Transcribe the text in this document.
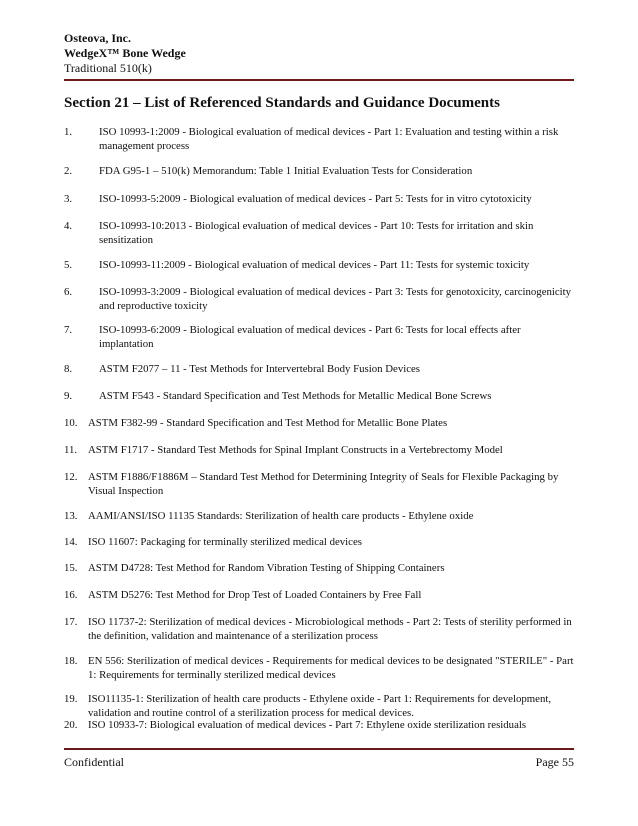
Osteova, Inc.
WedgeX™ Bone Wedge
Traditional 510(k)
Section 21 – List of Referenced Standards and Guidance Documents
1.	ISO 10993-1:2009 - Biological evaluation of medical devices - Part 1: Evaluation and testing within a risk management process
2.	FDA G95-1 – 510(k) Memorandum: Table 1 Initial Evaluation Tests for Consideration
3.	ISO-10993-5:2009 - Biological evaluation of medical devices - Part 5: Tests for in vitro cytotoxicity
4.	ISO-10993-10:2013 - Biological evaluation of medical devices - Part 10: Tests for irritation and skin sensitization
5.	ISO-10993-11:2009 - Biological evaluation of medical devices - Part 11: Tests for systemic toxicity
6.	ISO-10993-3:2009 - Biological evaluation of medical devices - Part 3: Tests for genotoxicity, carcinogenicity and reproductive toxicity
7.	ISO-10993-6:2009 - Biological evaluation of medical devices - Part 6: Tests for local effects after implantation
8.	ASTM F2077 – 11 - Test Methods for Intervertebral Body Fusion Devices
9.	ASTM F543 - Standard Specification and Test Methods for Metallic Medical Bone Screws
10. ASTM F382-99 - Standard Specification and Test Method for Metallic Bone Plates
11.	ASTM F1717 - Standard Test Methods for Spinal Implant Constructs in a Vertebrectomy Model
12. ASTM F1886/F1886M – Standard Test Method for Determining Integrity of Seals for Flexible Packaging by Visual Inspection
13. AAMI/ANSI/ISO 11135 Standards: Sterilization of health care products - Ethylene oxide
14. ISO 11607: Packaging for terminally sterilized medical devices
15. ASTM D4728: Test Method for Random Vibration Testing of Shipping Containers
16. ASTM D5276: Test Method for Drop Test of Loaded Containers by Free Fall
17. ISO 11737-2: Sterilization of medical devices - Microbiological methods - Part 2: Tests of sterility performed in the definition, validation and maintenance of a sterilization process
18. EN 556: Sterilization of medical devices - Requirements for medical devices to be designated "STERILE" - Part 1: Requirements for terminally sterilized medical devices
19. ISO11135-1: Sterilization of health care products - Ethylene oxide - Part 1: Requirements for development, validation and routine control of a sterilization process for medical devices.
20. ISO 10933-7: Biological evaluation of medical devices - Part 7: Ethylene oxide sterilization residuals
Confidential	Page 55
